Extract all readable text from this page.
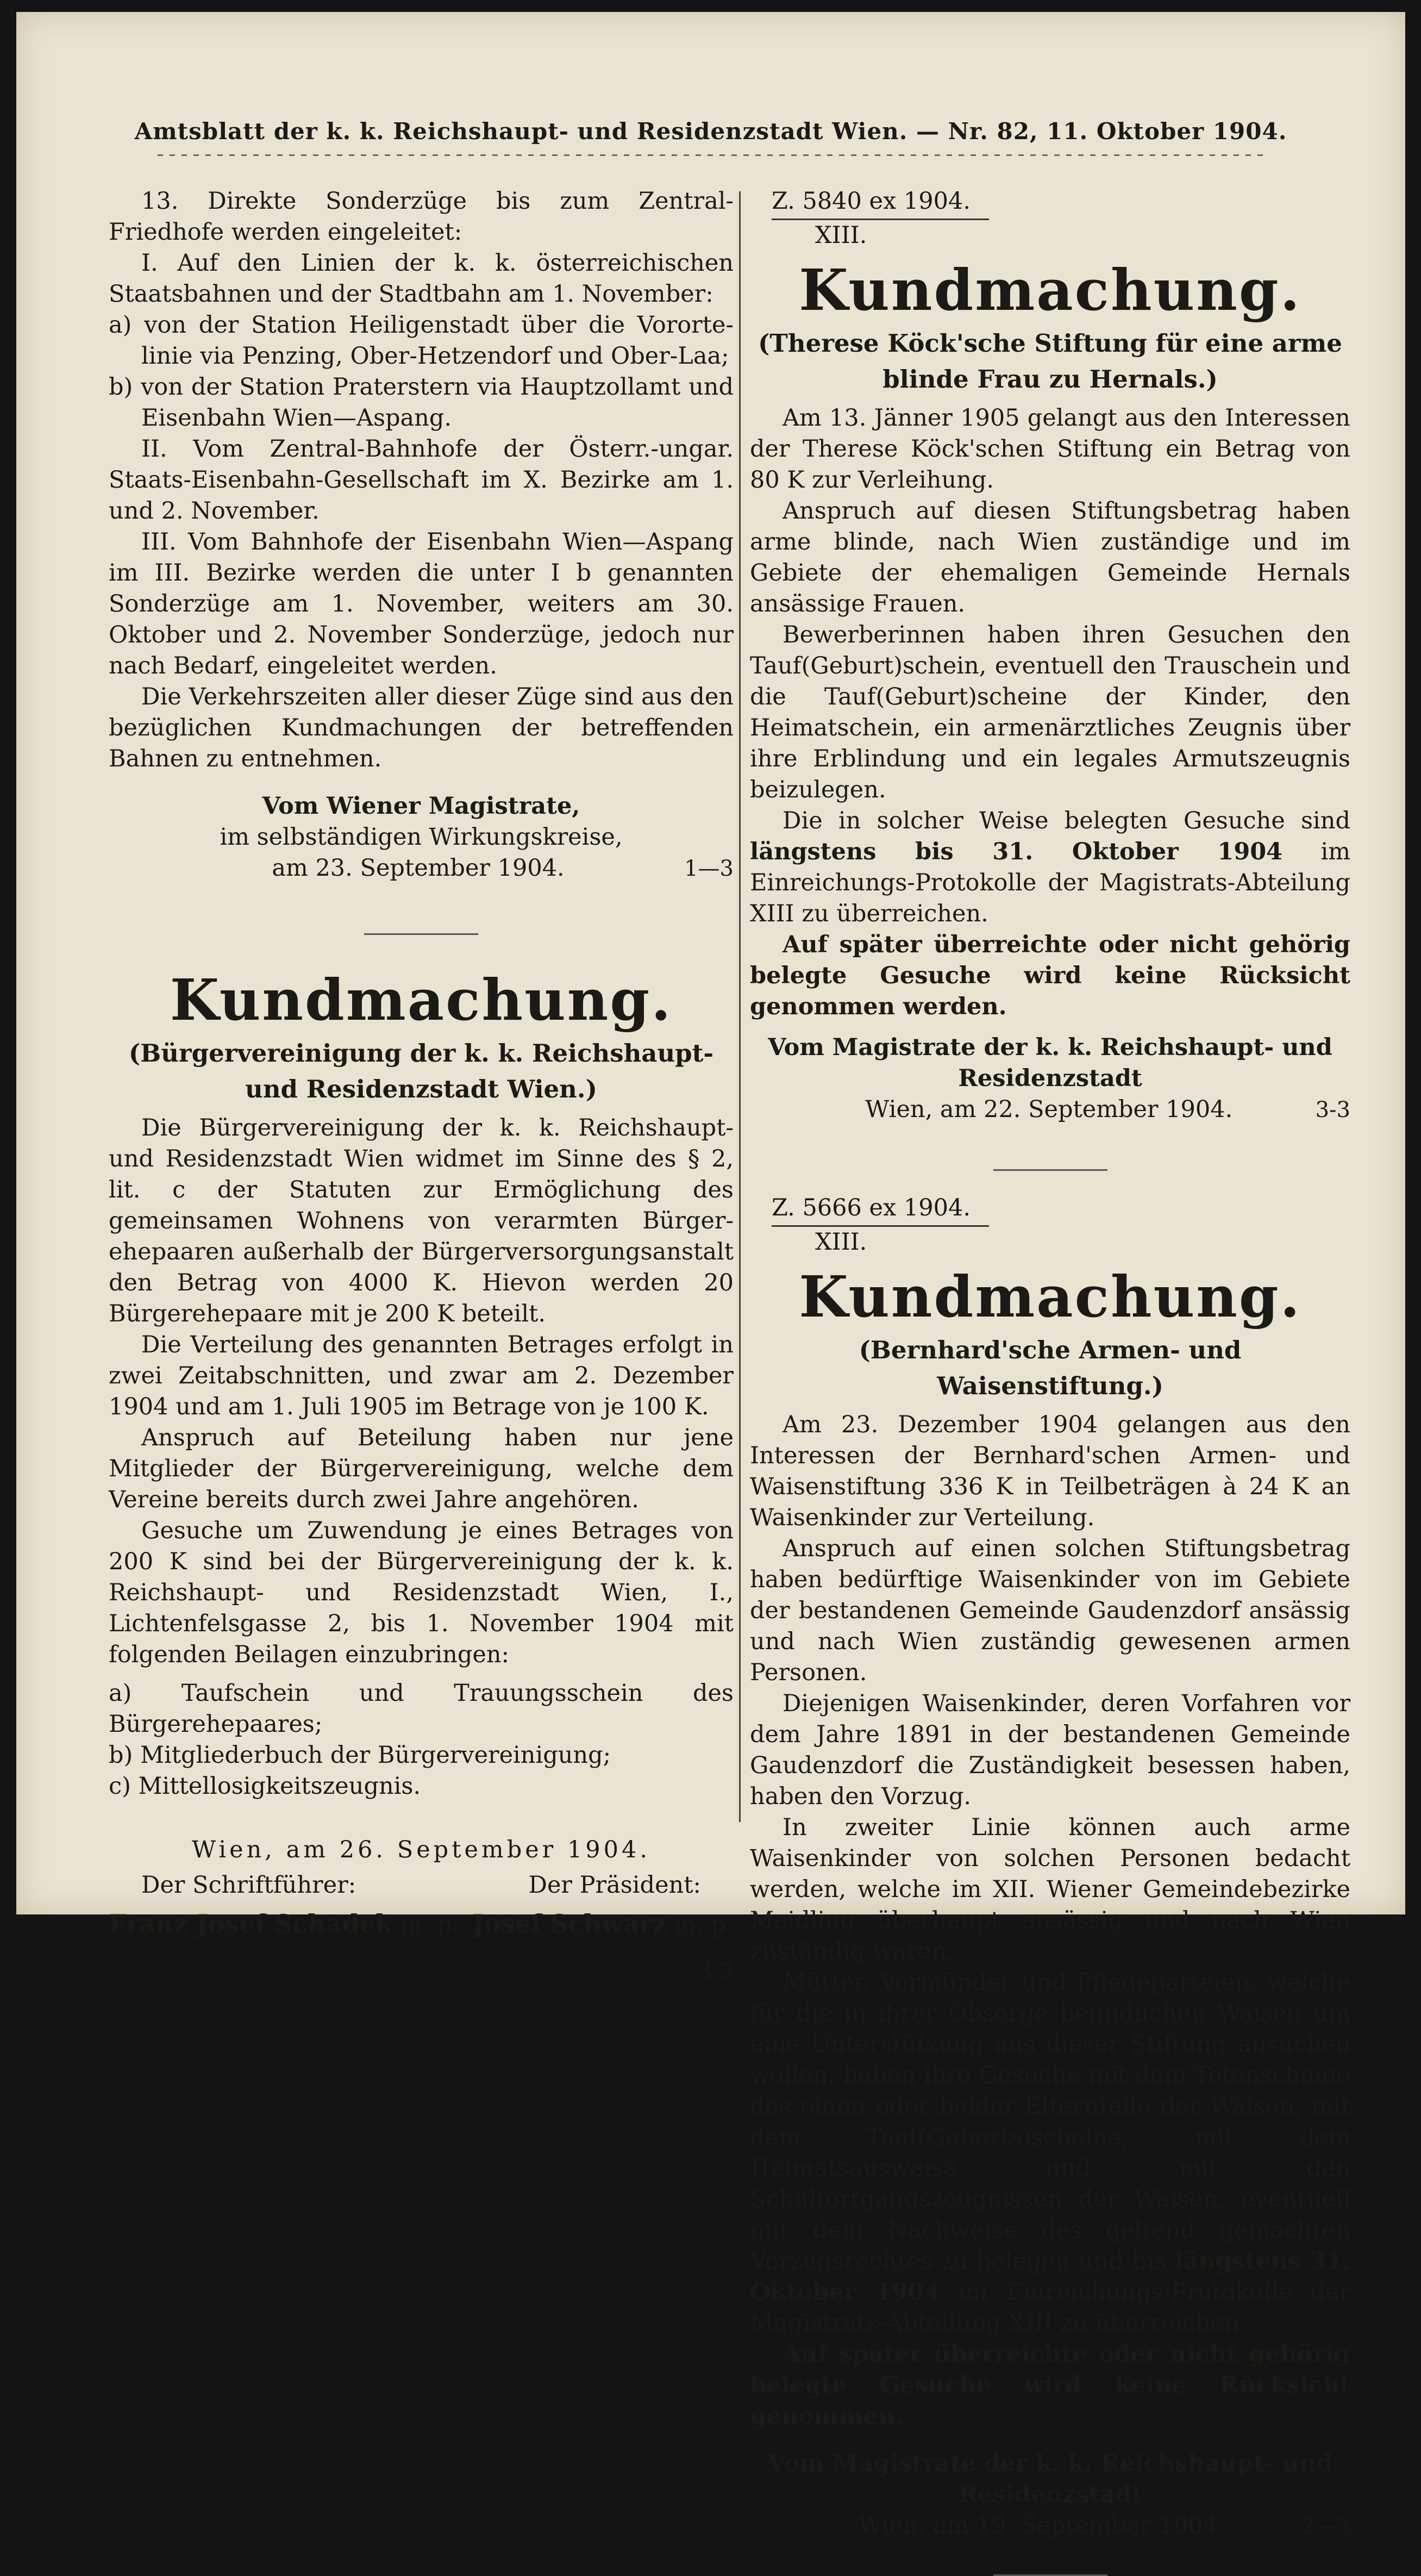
Amtsblatt der k. k. Reichshaupt- und Residenzstadt Wien. — Nr. 82, 11. Oktober 1904.

13. Direkte Sonderzüge bis zum Zentral-Friedhofe werden eingeleitet:

I. Auf den Linien der k. k. österreichischen Staatsbahnen und der Stadtbahn am 1. November:

a) von der Station Heiligenstadt über die Vorortelinie via Penzing, Ober-Hetzendorf und Ober-Laa;

b) von der Station Praterstern via Hauptzollamt und Eisenbahn Wien—Aspang.

II. Vom Zentral-Bahnhofe der Österr.-ungar. Staats-Eisenbahn-Gesellschaft im X. Bezirke am 1. und 2. November.

III. Vom Bahnhofe der Eisenbahn Wien—Aspang im III. Bezirke werden die unter I b genannten Sonderzüge am 1. November, weiters am 30. Oktober und 2. November Sonderzüge, jedoch nur nach Bedarf, eingeleitet werden.

Die Verkehrszeiten aller dieser Züge sind aus den bezüglichen Kundmachungen der betreffenden Bahnen zu entnehmen.

Vom Wiener Magistrate,
im selbständigen Wirkungskreise,
am 23. September 1904.	1—3
Kundmachung.
(Bürgervereinigung der k. k. Reichshaupt- und Residenzstadt Wien.)

Die Bürgervereinigung der k. k. Reichshaupt- und Residenzstadt Wien widmet im Sinne des § 2, lit. c der Statuten zur Ermöglichung des gemeinsamen Wohnens von verarmten Bürgerehepaaren außerhalb der Bürgerversorgungsanstalt den Betrag von 4000 K. Hievon werden 20 Bürgerehepaare mit je 200 K beteilt.

Die Verteilung des genannten Betrages erfolgt in zwei Zeitabschnitten, und zwar am 2. Dezember 1904 und am 1. Juli 1905 im Betrage von je 100 K.

Anspruch auf Beteilung haben nur jene Mitglieder der Bürgervereinigung, welche dem Vereine bereits durch zwei Jahre angehören.

Gesuche um Zuwendung je eines Betrages von 200 K sind bei der Bürgervereinigung der k. k. Reichshaupt- und Residenzstadt Wien, I., Lichtenfelsgasse 2, bis 1. November 1904 mit folgenden Beilagen einzubringen:

a) Taufschein und Trauungsschein des Bürgerehepaares;

b) Mitgliederbuch der Bürgervereinigung;

c) Mittellosigkeitszeugnis.

Wien, am 26. September 1904.
Der Schriftführer:	Der Präsident:
Franz Josef Schadek m. p. Josef Schwarz m. p.
3-3
Z. 5840 ex 1904.
XIII.
Kundmachung.
(Therese Köck'sche Stiftung für eine arme blinde Frau zu Hernals.)

Am 13. Jänner 1905 gelangt aus den Interessen der Therese Köck'schen Stiftung ein Betrag von 80 K zur Verleihung.

Anspruch auf diesen Stiftungsbetrag haben arme blinde, nach Wien zuständige und im Gebiete der ehemaligen Gemeinde Hernals ansässige Frauen.

Bewerberinnen haben ihren Gesuchen den Tauf(Geburt)schein, eventuell den Trauschein und die Tauf(Geburt)scheine der Kinder, den Heimatschein, ein armenärztliches Zeugnis über ihre Erblindung und ein legales Armutszeugnis beizulegen.

Die in solcher Weise belegten Gesuche sind längstens bis 31. Oktober 1904 im Einreichungs-Protokolle der Magistrats-Abteilung XIII zu überreichen.

Auf später überreichte oder nicht gehörig belegte Gesuche wird keine Rücksicht genommen werden.

Vom Magistrate der k. k. Reichshaupt- und Residenzstadt
Wien, am 22. September 1904.	3-3
Z. 5666 ex 1904.
XIII.
Kundmachung.
(Bernhard'sche Armen- und Waisenstiftung.)

Am 23. Dezember 1904 gelangen aus den Interessen der Bernhard'schen Armen- und Waisenstiftung 336 K in Teilbeträgen à 24 K an Waisenkinder zur Verteilung.

Anspruch auf einen solchen Stiftungsbetrag haben bedürftige Waisenkinder von im Gebiete der bestandenen Gemeinde Gaudenzdorf ansässig und nach Wien zuständig gewesenen armen Personen.

Diejenigen Waisenkinder, deren Vorfahren vor dem Jahre 1891 in der bestandenen Gemeinde Gaudenzdorf die Zuständigkeit besessen haben, haben den Vorzug.

In zweiter Linie können auch arme Waisenkinder von solchen Personen bedacht werden, welche im XII. Wiener Gemeindebezirke Meidling überhaupt ansässig und nach Wien zuständig waren.

Mütter, Vormünder und Pflegeparteien, welche für die in ihrer Obsorge befindlichen Waisen um eine Unterstützung aus dieser Stiftung ansuchen wollen, haben ihre Gesuche mit dem Totenscheine des einen oder beider Elternteile der Waisen, mit dem Tauf(Geburts)scheine, mit dem Heimatsausweise und mit den Schulfortgangszeugnissen der Waisen, eventuell mit dem Nachweise des geltend gemachten Vorzugsrechtes zu belegen und bis längstens 31. Oktober 1904 im Einreichungs-Protokolle der Magistrats-Abteilung XIII zu überreichen.

Auf später überreichte oder nicht gehörig belegte Gesuche wird keine Rücksicht genommen.

Vom Magistrate der k. k. Reichshaupt- und Residenzstadt
Wien, am 19. September 1904.	2—3
